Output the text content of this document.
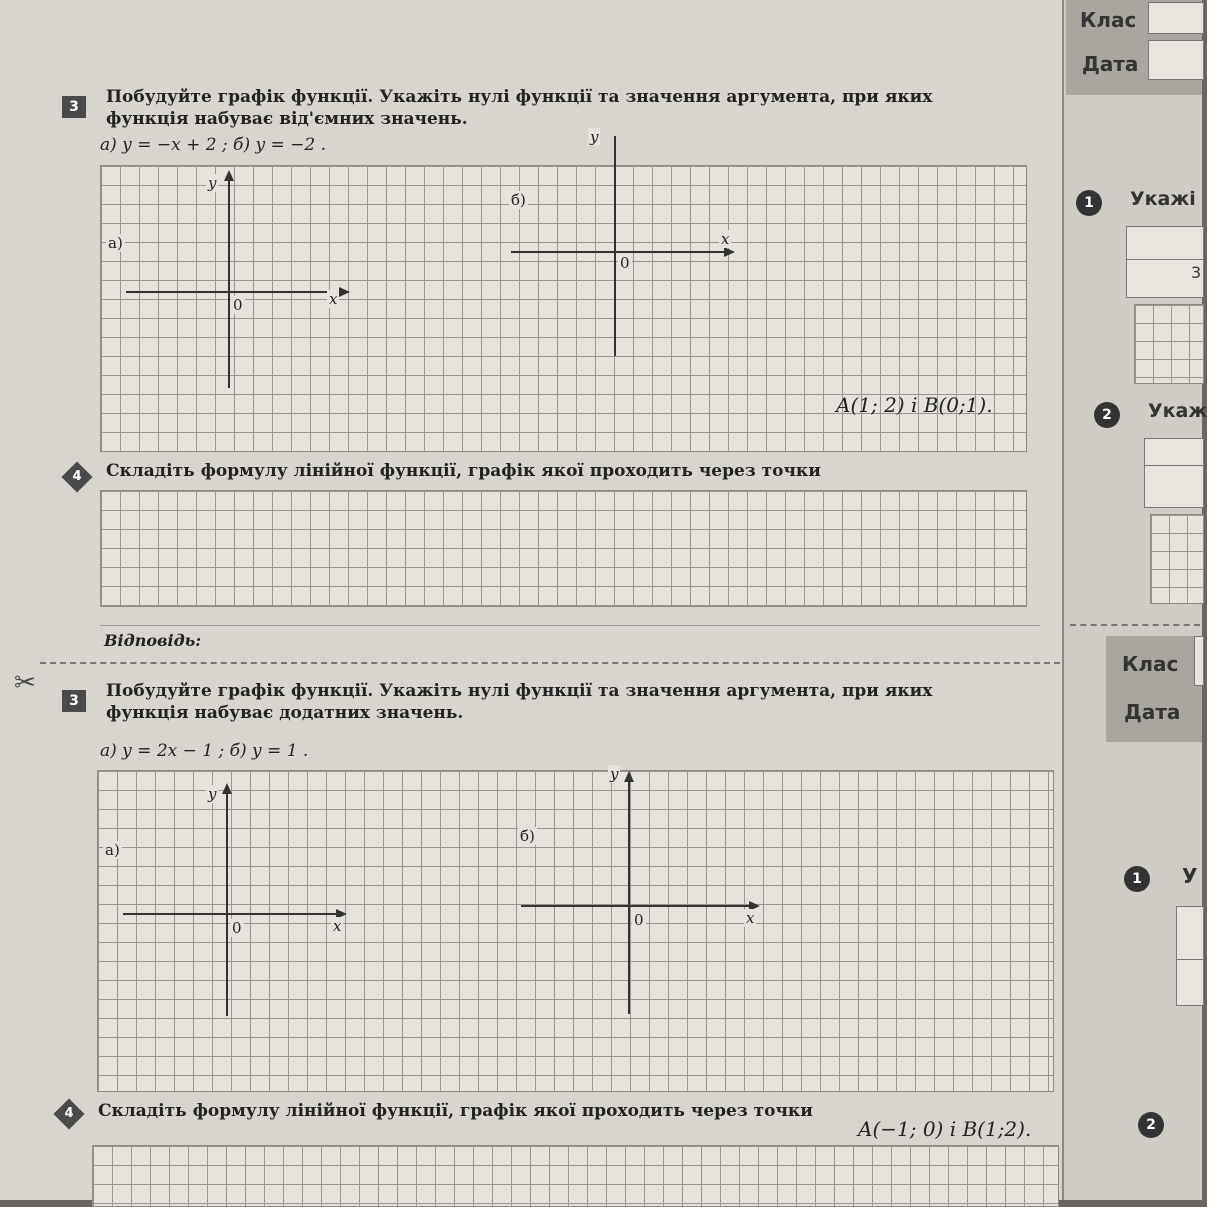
3	Побудуйте графік функції. Укажіть нулі функції та значення аргумента, при яких
функція набуває від'ємних значень.
а) y = −x + 2 ; б) y = −2 .
а)
y
x
0
б)
x
0
y
4	Складіть формулу лінійної функції, графік якої проходить через точки
A(1; 2) і B(0;1).
Відповідь:
✂
3	Побудуйте графік функції. Укажіть нулі функції та значення аргумента, при яких
функція набуває додатних значень.
а) y = 2x − 1 ; б) y = 1 .
а)
y
x
0
б)
y
x
0
4	Складіть формулу лінійної функції, графік якої проходить через точки
A(−1; 0) і B(1;2).
Клас
Дата
1	Укажі
3
2	Укаж
Клас
Дата
1	У
2
